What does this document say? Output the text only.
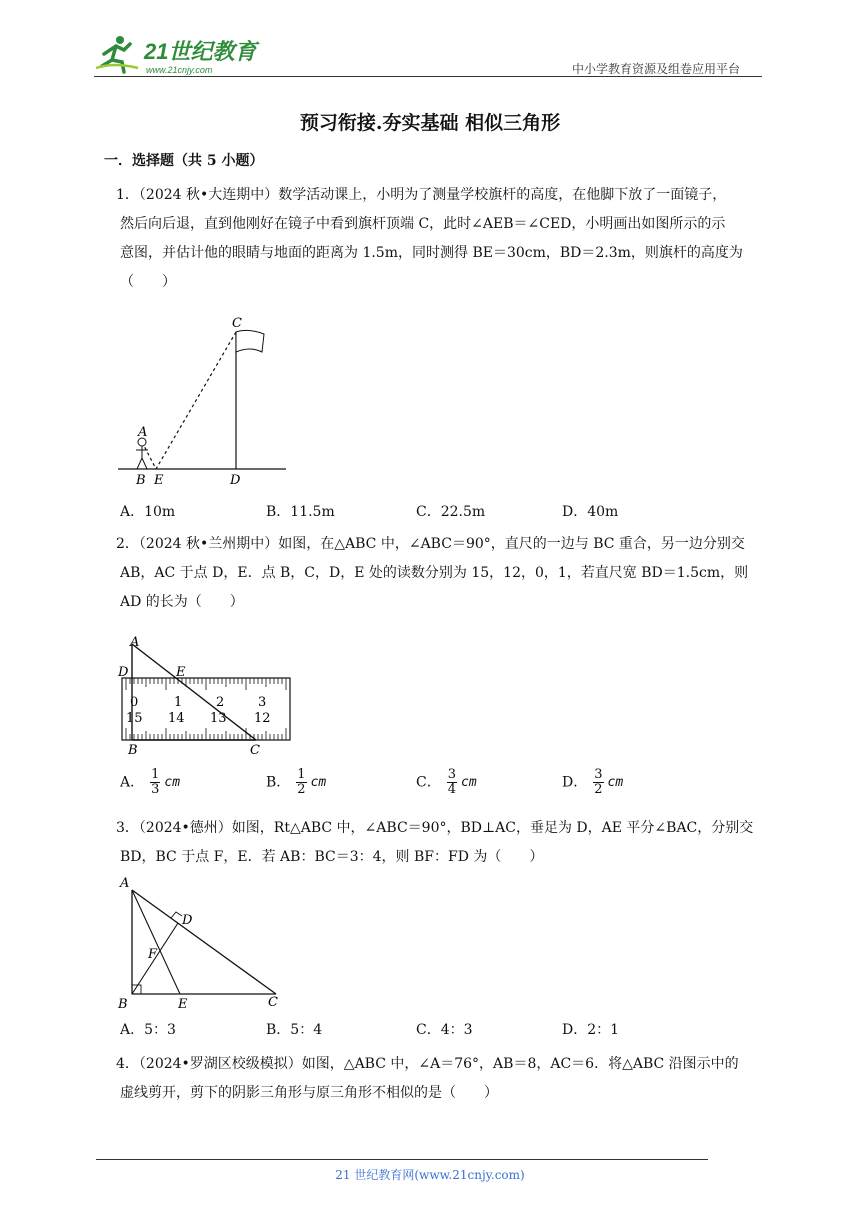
21世纪教育
www.21cnjy.com	中小学教育资源及组卷应用平台
预习衔接.夯实基础 相似三角形
一．选择题（共 5 小题）
1．（2024 秋•大连期中）数学活动课上，小明为了测量学校旗杆的高度，在他脚下放了一面镜子，
然后向后退，直到他刚好在镜子中看到旗杆顶端 C，此时∠AEB＝∠CED，小明画出如图所示的示
意图，并估计他的眼睛与地面的距离为 1.5m，同时测得 BE＝30cm，BD＝2.3m，则旗杆的高度为
（　　）
C
A
B E	D
A．10m	B．11.5m	C．22.5m	D．40m
2．（2024 秋•兰州期中）如图，在△ABC 中，∠ABC＝90°，直尺的一边与 BC 重合，另一边分别交
AB，AC 于点 D，E．点 B，C，D，E 处的读数分别为 15，12，0，1，若直尺宽 BD＝1.5cm，则
AD 的长为（　　）
0	1	2	3
15 14 13 12
A
D	E
B	C
A． $\frac{1}{3}$ cm	B． $\frac{1}{2}$ cm	C． $\frac{3}{4}$ cm	D． $\frac{3}{2}$ cm
3．（2024•德州）如图，Rt△ABC 中，∠ABC＝90°，BD⊥AC，垂足为 D，AE 平分∠BAC，分别交
BD，BC 于点 F，E．若 AB：BC＝3：4，则 BF：FD 为（　　）
A
D
F
B	E	C
A．5：3	B．5：4	C．4：3	D．2：1
4．（2024•罗湖区校级模拟）如图，△ABC 中，∠A＝76°，AB＝8，AC＝6．将△ABC 沿图示中的
虚线剪开，剪下的阴影三角形与原三角形不相似的是（　　）
21 世纪教育网(www.21cnjy.com)
